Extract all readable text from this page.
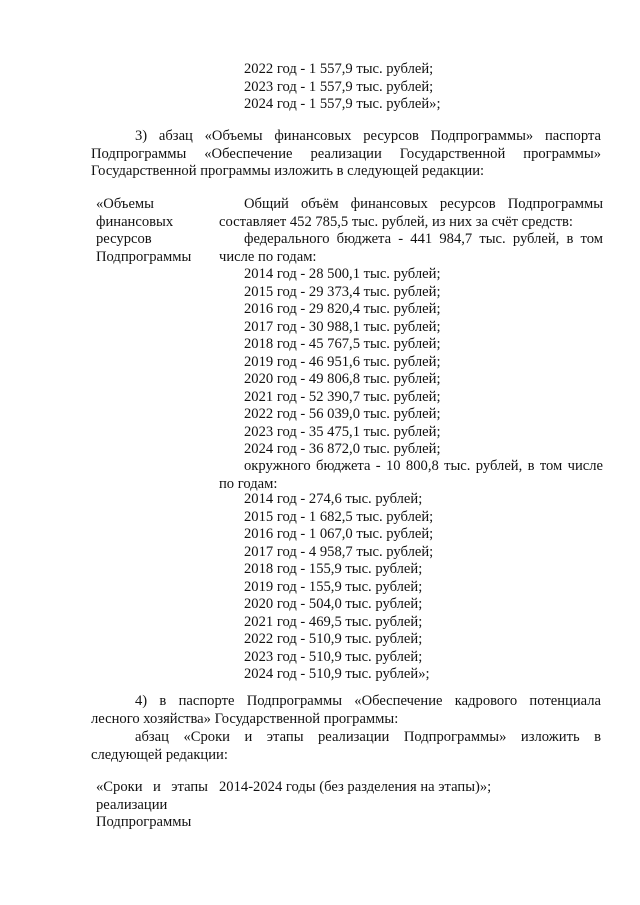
2022 год - 1 557,9 тыс. рублей;
2023 год - 1 557,9 тыс. рублей;
2024 год - 1 557,9 тыс. рублей»;
3) абзац «Объемы финансовых ресурсов Подпрограммы» паспорта
Подпрограммы «Обеспечение реализации Государственной программы»
Государственной программы изложить в следующей редакции:
«Объемы
финансовых
ресурсов
Подпрограммы
Общий объём финансовых ресурсов Подпрограммы
составляет 452 785,5 тыс. рублей, из них за счёт средств:
федерального бюджета - 441 984,7 тыс. рублей, в том
числе по годам:
2014 год - 28 500,1 тыс. рублей;
2015 год - 29 373,4 тыс. рублей;
2016 год - 29 820,4 тыс. рублей;
2017 год - 30 988,1 тыс. рублей;
2018 год - 45 767,5 тыс. рублей;
2019 год - 46 951,6 тыс. рублей;
2020 год - 49 806,8 тыс. рублей;
2021 год - 52 390,7 тыс. рублей;
2022 год - 56 039,0 тыс. рублей;
2023 год - 35 475,1 тыс. рублей;
2024 год - 36 872,0 тыс. рублей;
окружного бюджета - 10 800,8 тыс. рублей, в том числе
по годам:
2014 год - 274,6 тыс. рублей;
2015 год - 1 682,5 тыс. рублей;
2016 год - 1 067,0 тыс. рублей;
2017 год - 4 958,7 тыс. рублей;
2018 год - 155,9 тыс. рублей;
2019 год - 155,9 тыс. рублей;
2020 год - 504,0 тыс. рублей;
2021 год - 469,5 тыс. рублей;
2022 год - 510,9 тыс. рублей;
2023 год - 510,9 тыс. рублей;
2024 год - 510,9 тыс. рублей»;
4) в паспорте Подпрограммы «Обеспечение кадрового потенциала
лесного хозяйства» Государственной программы:
абзац «Сроки и этапы реализации Подпрограммы» изложить в
следующей редакции:
«Сроки и этапы
реализации
Подпрограммы
2014-2024 годы (без разделения на этапы)»;
